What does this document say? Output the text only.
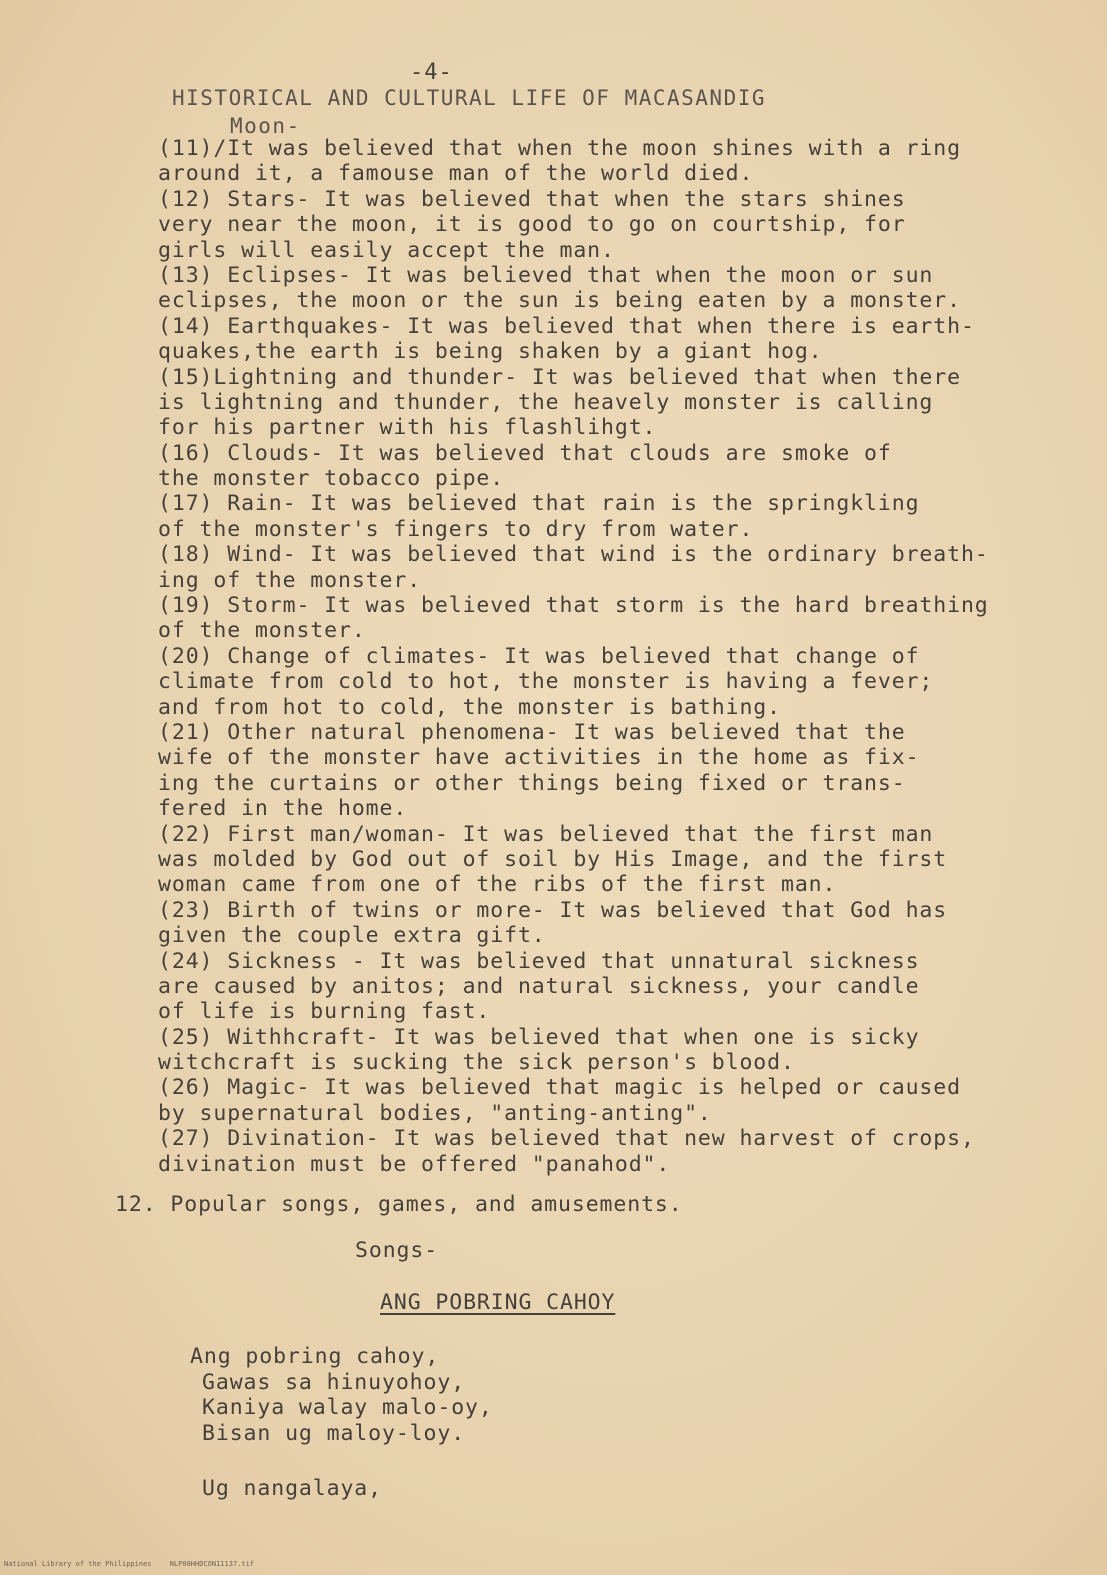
-4-
HISTORICAL AND CULTURAL LIFE OF MACASANDIG
Moon-
(11)/It was believed that when the moon shines with a ring
around it, a famouse man of the world died.
(12) Stars- It was believed that when the stars shines
very near the moon, it is good to go on courtship, for
girls will easily accept the man.
(13) Eclipses- It was believed that when the moon or sun
eclipses, the moon or the sun is being eaten by a monster.
(14) Earthquakes- It was believed that when there is earth-
quakes,the earth is being shaken by a giant hog.
(15)Lightning and thunder- It was believed that when there
is lightning and thunder, the heavely monster is calling
for his partner with his flashlihgt.
(16) Clouds- It was believed that clouds are smoke of
the monster tobacco pipe.
(17) Rain- It was believed that rain is the springkling
of the monster's fingers to dry from water.
(18) Wind- It was believed that wind is the ordinary breath-
ing of the monster.
(19) Storm- It was believed that storm is the hard breathing
of the monster.
(20) Change of climates- It was believed that change of
climate from cold to hot, the monster is having a fever;
and from hot to cold, the monster is bathing.
(21) Other natural phenomena- It was believed that the
wife of the monster have activities in the home as fix-
ing the curtains or other things being fixed or trans-
fered in the home.
(22) First man/woman- It was believed that the first man
was molded by God out of soil by His Image, and the first
woman came from one of the ribs of the first man.
(23) Birth of twins or more- It was believed that God has
given the couple extra gift.
(24) Sickness - It was believed that unnatural sickness
are caused by anitos; and natural sickness, your candle
of life is burning fast.
(25) Withhcraft- It was believed that when one is sicky
witchcraft is sucking the sick person's blood.
(26) Magic- It was believed that magic is helped or caused
by supernatural bodies, "anting-anting".
(27) Divination- It was believed that new harvest of crops,
divination must be offered "panahod".
12. Popular songs, games, and amusements.
Songs-
ANG POBRING CAHOY
Ang pobring cahoy,
Gawas sa hinuyohoy,
Kaniya walay malo-oy,
Bisan ug maloy-loy.
Ug nangalaya,
National Library of the Philippines	NLP00HHDCON11137.tif
